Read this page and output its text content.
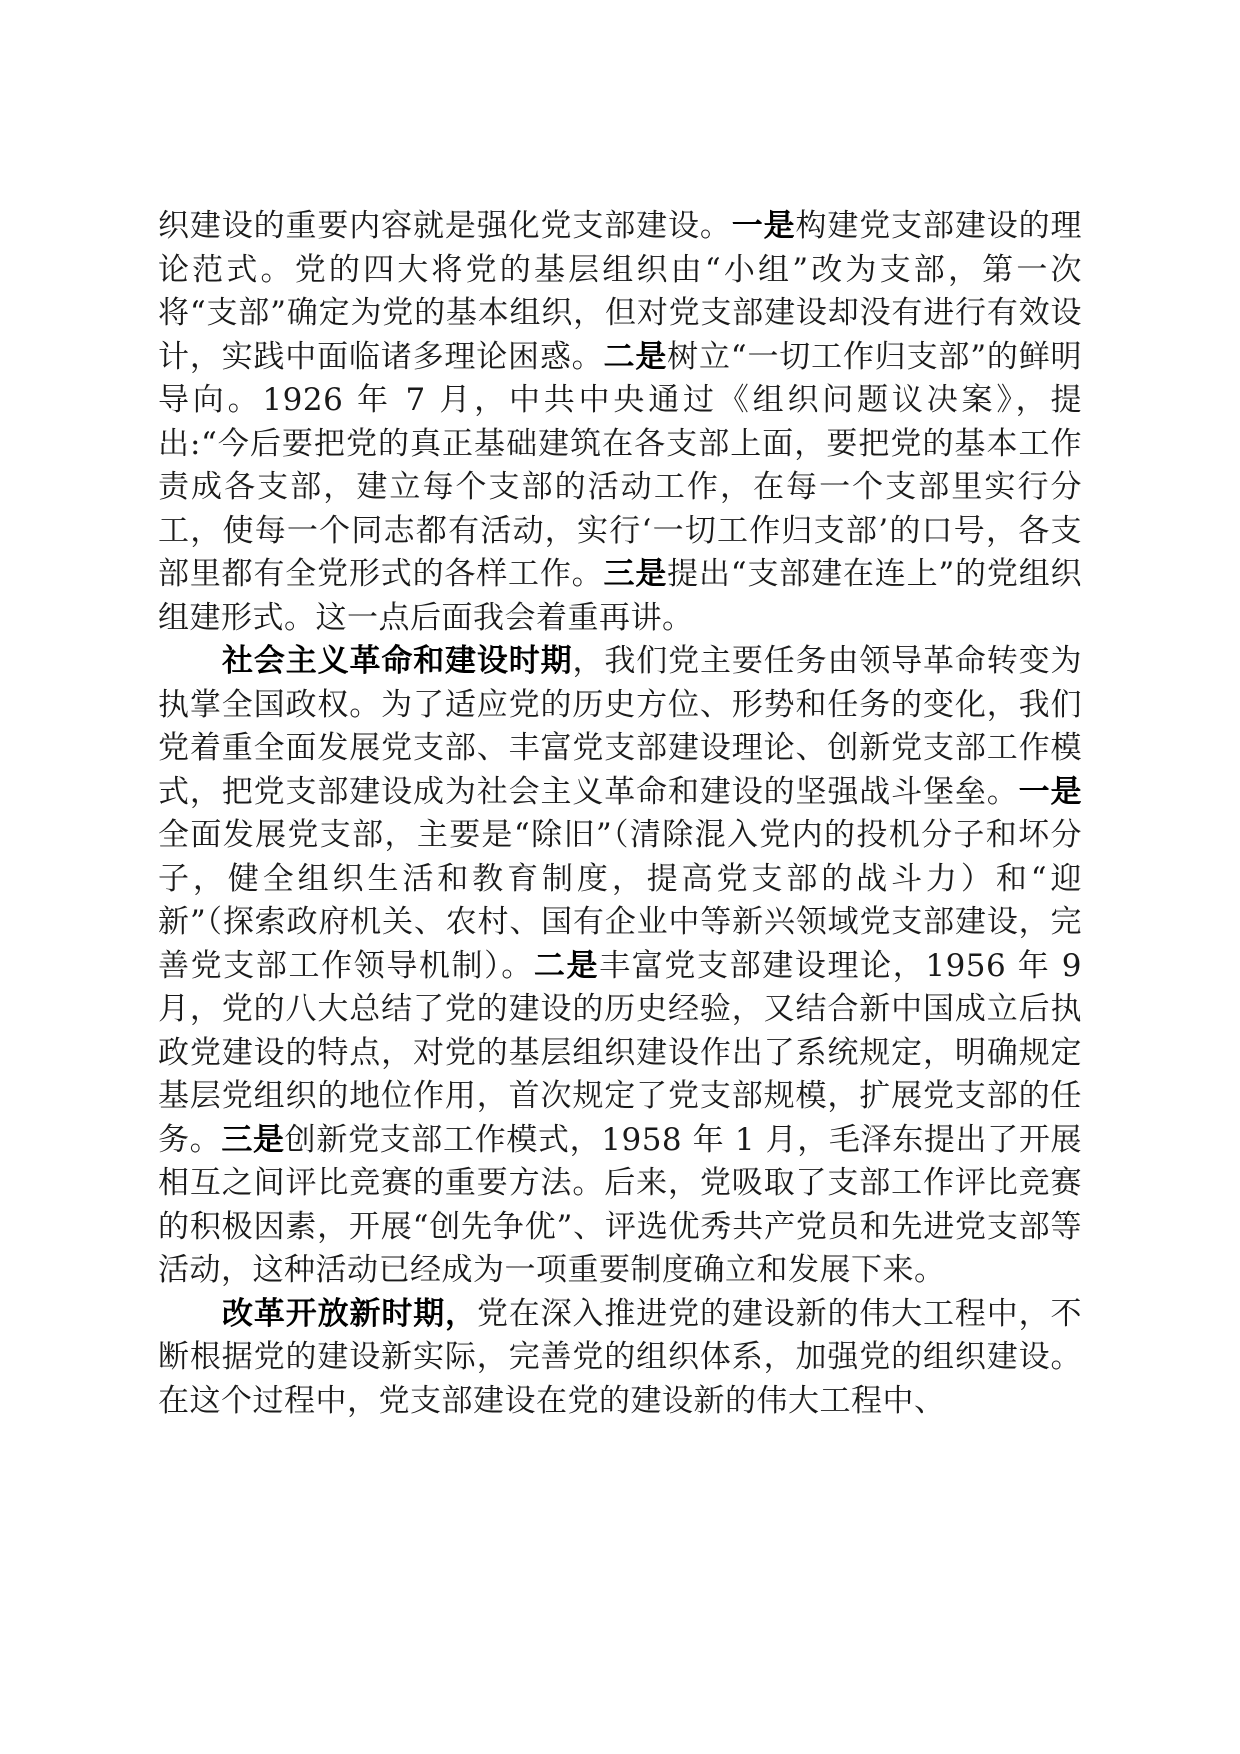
织建设的重要内容就是强化党支部建设。一是构建党支部建设的理论范式。党的四大将党的基层组织由“小组”改为支部，第一次将“支部”确定为党的基本组织，但对党支部建设却没有进行有效设计，实践中面临诸多理论困惑。二是树立“一切工作归支部”的鲜明导向。1926 年 7 月，中共中央通过《组织问题议决案》，提出:“今后要把党的真正基础建筑在各支部上面，要把党的基本工作责成各支部，建立每个支部的活动工作，在每一个支部里实行分工，使每一个同志都有活动，实行‘一切工作归支部’的口号，各支部里都有全党形式的各样工作。三是提出“支部建在连上”的党组织组建形式。这一点后面我会着重再讲。

社会主义革命和建设时期，我们党主要任务由领导革命转变为执掌全国政权。为了适应党的历史方位、形势和任务的变化，我们党着重全面发展党支部、丰富党支部建设理论、创新党支部工作模式，把党支部建设成为社会主义革命和建设的坚强战斗堡垒。一是全面发展党支部，主要是“除旧”（清除混入党内的投机分子和坏分子，健全组织生活和教育制度，提高党支部的战斗力）和“迎新”（探索政府机关、农村、国有企业中等新兴领域党支部建设，完善党支部工作领导机制）。二是丰富党支部建设理论，1956 年 9 月，党的八大总结了党的建设的历史经验，又结合新中国成立后执政党建设的特点，对党的基层组织建设作出了系统规定，明确规定基层党组织的地位作用，首次规定了党支部规模，扩展党支部的任务。三是创新党支部工作模式，1958 年 1 月，毛泽东提出了开展相互之间评比竞赛的重要方法。后来，党吸取了支部工作评比竞赛的积极因素，开展“创先争优”、评选优秀共产党员和先进党支部等活动，这种活动已经成为一项重要制度确立和发展下来。

改革开放新时期，党在深入推进党的建设新的伟大工程中，不断根据党的建设新实际，完善党的组织体系，加强党的组织建设。在这个过程中，党支部建设在党的建设新的伟大工程中、
